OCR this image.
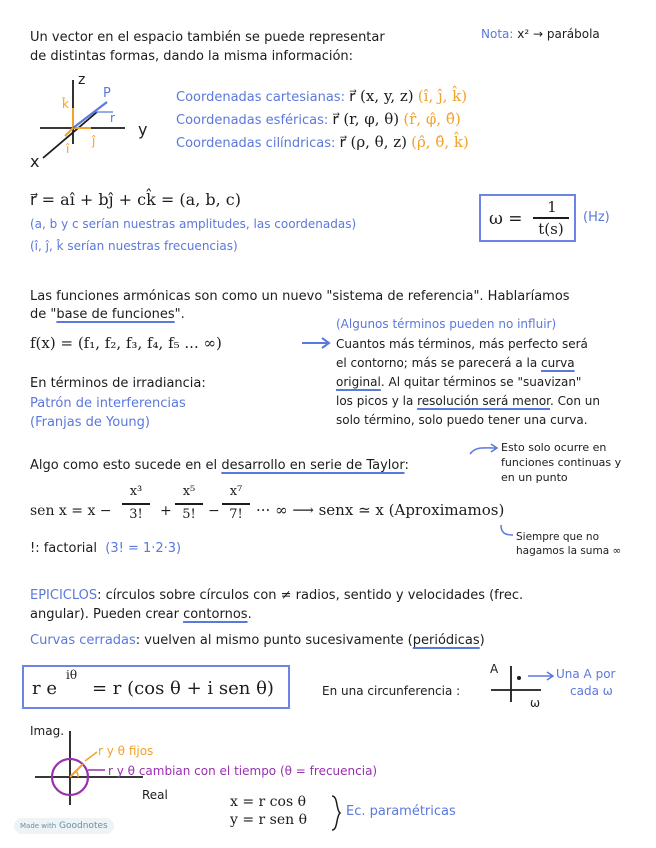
Un vector en el espacio también se puede representar
de distintas formas, dando la misma información:
Nota: x² → parábola
z
y
x
P
r
k̂
ĵ
î
Coordenadas cartesianas: r⃗ (x, y, z) (î, ĵ, k̂)
Coordenadas esféricas: r⃗ (r, φ, θ) (r̂, φ̂, θ̂)
Coordenadas cilíndricas: r⃗ (ρ, θ, z) (ρ̂, θ̂, k̂)
r⃗ = aî + bĵ + ck̂ = (a, b, c)
(a, b y c serían nuestras amplitudes, las coordenadas)
(î, ĵ, k̂ serían nuestras frecuencias)
ω =
1
t(s)
(Hz)
Las funciones armónicas son como un nuevo "sistema de referencia". Hablaríamos
de "base de funciones".
f(x) = (f₁, f₂, f₃, f₄, f₅ ... ∞)
(Algunos términos pueden no influir)
Cuantos más términos, más perfecto será
el contorno; más se parecerá a la curva
original. Al quitar términos se "suavizan"
los picos y la resolución será menor. Con un
solo término, solo puedo tener una curva.
En términos de irradiancia:
Patrón de interferencias
(Franjas de Young)
Algo como esto sucede en el desarrollo en serie de Taylor:
Esto solo ocurre en
funciones continuas y
en un punto
sen x = x −
x³
3!	+
x⁵
5! −
x⁷
7! ··· ∞ ⟶ senx ≃ x (Aproximamos)
!: factorial (3! = 1·2·3)
Siempre que no
hagamos la suma ∞
EPICICLOS: círculos sobre círculos con ≠ radios, sentido y velocidades (frec.
angular). Pueden crear contornos.
Curvas cerradas: vuelven al mismo punto sucesivamente (periódicas)
r e
iθ
= r (cos θ + i sen θ)	En una circunferencia :
A
ω
Una A por
cada ω
Imag.
Real
r y θ fijos
r y θ cambian con el tiempo (θ = frecuencia)
x = r cos θ
y = r sen θ
Ec. paramétricas
Made with Goodnotes
